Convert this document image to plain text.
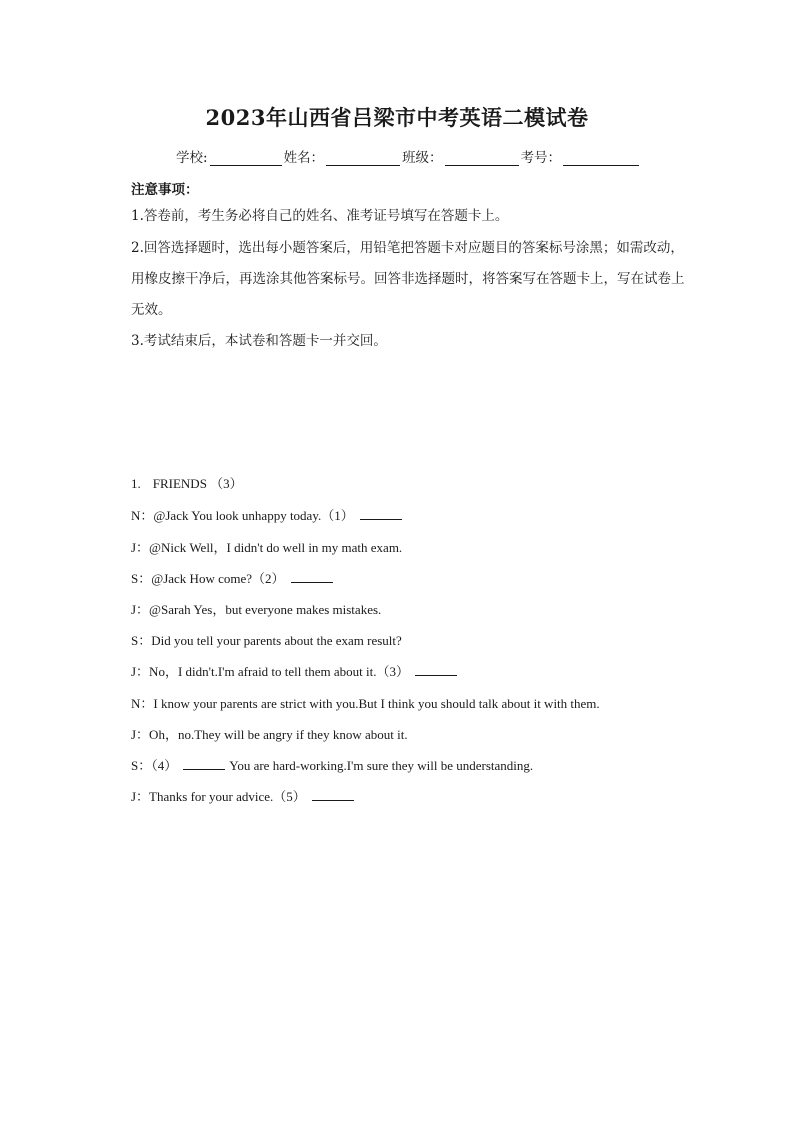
2023年山西省吕梁市中考英语二模试卷
学校:	姓名：	班级：	考号：
注意事项：
1.答卷前，考生务必将自己的姓名、准考证号填写在答题卡上。
2.回答选择题时，选出每小题答案后，用铅笔把答题卡对应题目的答案标号涂黑；如需改动，用橡皮擦干净后，再选涂其他答案标号。回答非选择题时，将答案写在答题卡上，写在试卷上无效。
3.考试结束后，本试卷和答题卡一并交回。
1. FRIENDS （3）
N：@Jack You look unhappy today.（1）
J：@Nick Well，I didn't do well in my math exam.
S：@Jack How come?（2）
J：@Sarah Yes，but everyone makes mistakes.
S：Did you tell your parents about the exam result?
J：No，I didn't.I'm afraid to tell them about it.（3）
N：I know your parents are strict with you.But I think you should talk about it with them.
J：Oh，no.They will be angry if they know about it.
S：（4）	You are hard-working.I'm sure they will be understanding.
J：Thanks for your advice.（5）
